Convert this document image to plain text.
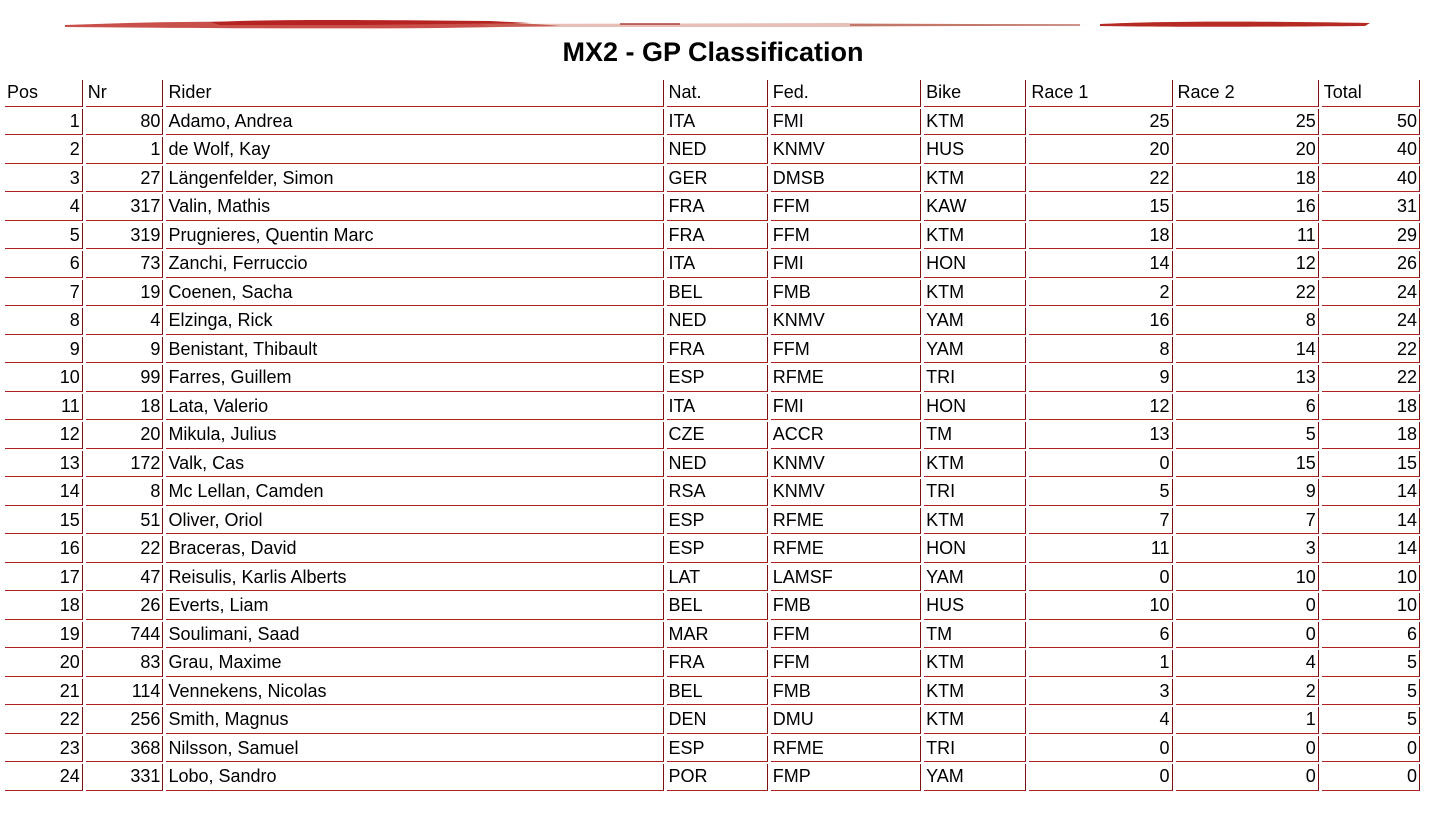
MX2 - GP Classification
Pos	Nr	Rider	Nat.	Fed.	Bike	Race 1	Race 2	Total
1	80	Adamo, Andrea	ITA	FMI	KTM	25	25	50
2	1	de Wolf, Kay	NED	KNMV	HUS	20	20	40
3	27	Längenfelder, Simon	GER	DMSB	KTM	22	18	40
4	317	Valin, Mathis	FRA	FFM	KAW	15	16	31
5	319	Prugnieres, Quentin Marc	FRA	FFM	KTM	18	11	29
6	73	Zanchi, Ferruccio	ITA	FMI	HON	14	12	26
7	19	Coenen, Sacha	BEL	FMB	KTM	2	22	24
8	4	Elzinga, Rick	NED	KNMV	YAM	16	8	24
9	9	Benistant, Thibault	FRA	FFM	YAM	8	14	22
10	99	Farres, Guillem	ESP	RFME	TRI	9	13	22
11	18	Lata, Valerio	ITA	FMI	HON	12	6	18
12	20	Mikula, Julius	CZE	ACCR	TM	13	5	18
13	172	Valk, Cas	NED	KNMV	KTM	0	15	15
14	8	Mc Lellan, Camden	RSA	KNMV	TRI	5	9	14
15	51	Oliver, Oriol	ESP	RFME	KTM	7	7	14
16	22	Braceras, David	ESP	RFME	HON	11	3	14
17	47	Reisulis, Karlis Alberts	LAT	LAMSF	YAM	0	10	10
18	26	Everts, Liam	BEL	FMB	HUS	10	0	10
19	744	Soulimani, Saad	MAR	FFM	TM	6	0	6
20	83	Grau, Maxime	FRA	FFM	KTM	1	4	5
21	114	Vennekens, Nicolas	BEL	FMB	KTM	3	2	5
22	256	Smith, Magnus	DEN	DMU	KTM	4	1	5
23	368	Nilsson, Samuel	ESP	RFME	TRI	0	0	0
24	331	Lobo, Sandro	POR	FMP	YAM	0	0	0
